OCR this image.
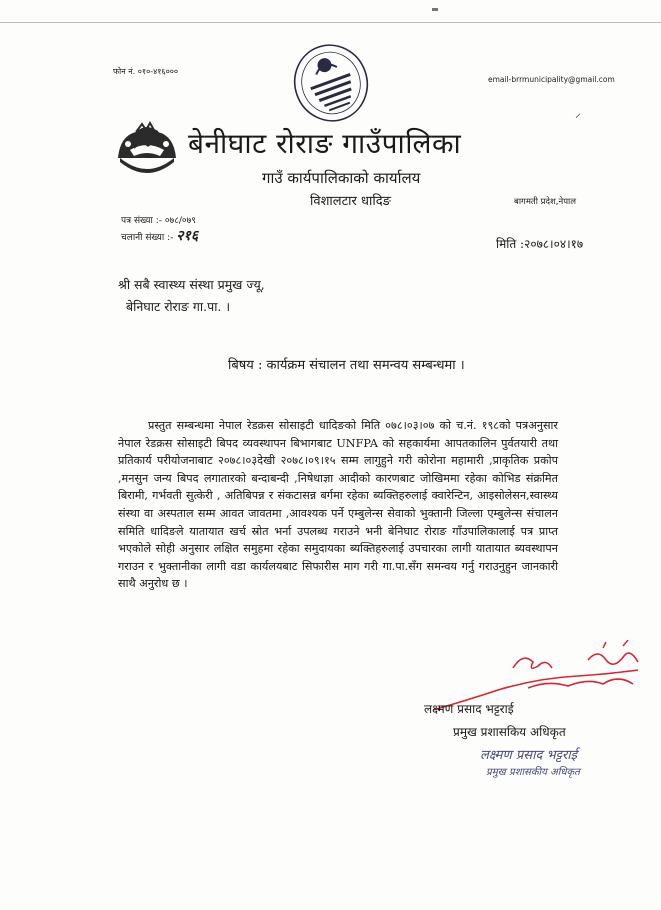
फोन नं. ०१०-४१६०००
email-brrmunicipality@gmail.com
⸝
बेनीघाट रोराङ गाउँपालिका
गाउँ कार्यपालिकाको कार्यालय
विशालटार धादिङ	बागमती प्रदेश,नेपाल
पत्र संख्या :- ०७८/०७९
चलानी संख्या :- २१६	मिति :२०७८।०४।१७
श्री सबै स्वास्थ्य संस्था प्रमुख ज्यू,
बेनिघाट रोराङ गा.पा. ।
बिषय : कार्यक्रम संचालन तथा समन्वय सम्बन्धमा ।
प्रस्तुत सम्बन्धमा नेपाल रेडक्रस सोसाइटी धादिङको मिति ०७८।०३।०७ को च.नं. १९८को पत्रअनुसार नेपाल रेडक्रस सोसाइटी बिपद व्यवस्थापन बिभागबाट UNFPA को सहकार्यमा आपतकालिन पुर्वतयारी तथा प्रतिकार्य परीयोजनाबाट २०७८।०३देखी २०७८।०९।१५ सम्म लागुहुने गरी कोरोना महामारी ,प्राकृतिक प्रकोप ,मनसुन जन्य बिपद लगातारको बन्दाबन्दी ,निषेधाज्ञा आदीको कारणबाट जोखिममा रहेका कोभिड संक्रमित बिरामी, गर्भवती सुत्केरी , अतिबिपन्न र संकटासन्न बर्गमा रहेका ब्यक्तिहरुलाई क्वारेन्टिन, आइसोलेसन,स्वास्थ्य संस्था वा अस्पताल सम्म आवत जावतमा ,आवश्यक पर्ने एम्बुलेन्स सेवाको भुक्तानी जिल्ला एम्बुलेन्स संचालन समिति धादिङले यातायात खर्च स्रोत भर्ना उपलब्ध गराउने भनी बेनिघाट रोराङ गाँउपालिकालाई पत्र प्राप्त भएकोले सोही अनुसार लक्षित समुहमा रहेका समुदायका ब्यक्तिहरुलाई उपचारका लागी यातायात ब्यवस्थापन गराउन र भुक्तानीका लागी वडा कार्यलयबाट सिफारीस माग गरी गा.पा.सँग समन्वय गर्नु गराउनुहुन जानकारी साथै अनुरोध छ ।
लक्ष्मण प्रसाद भट्टराई
प्रमुख प्रशासकिय अधिकृत
लक्ष्मण प्रसाद भट्टराई
प्रमुख प्रशासकीय अधिकृत
